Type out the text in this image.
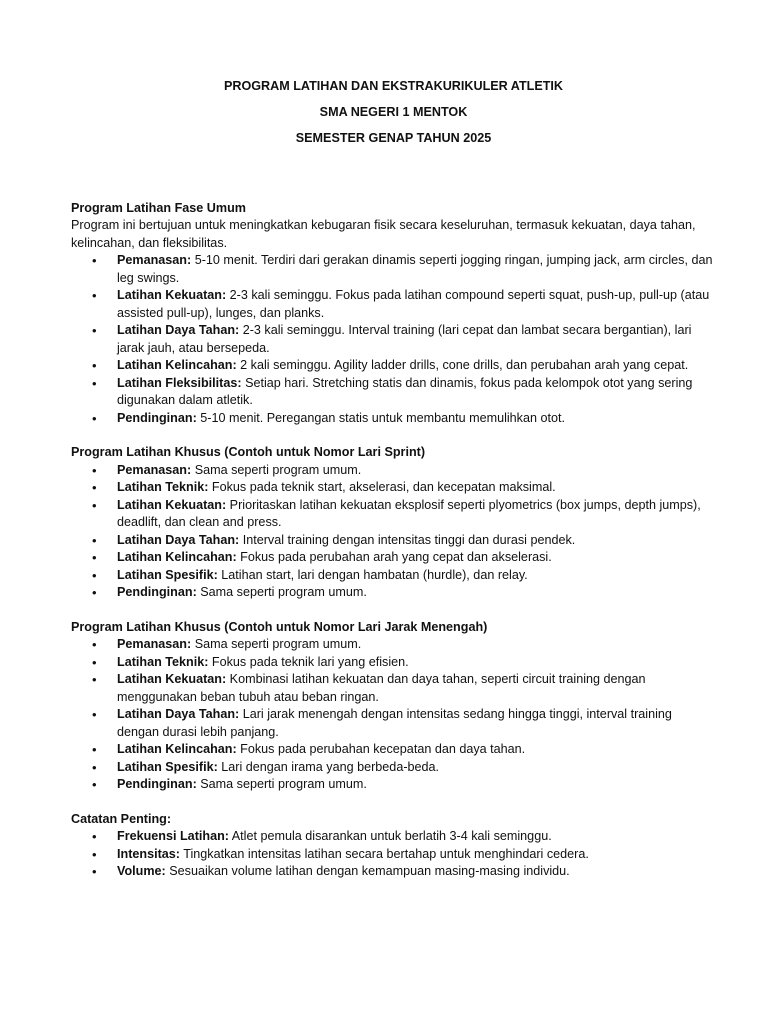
PROGRAM LATIHAN DAN EKSTRAKURIKULER ATLETIK
SMA NEGERI 1 MENTOK
SEMESTER GENAP TAHUN 2025
Program Latihan Fase Umum

Program ini bertujuan untuk meningkatkan kebugaran fisik secara keseluruhan, termasuk kekuatan, daya tahan, kelincahan, dan fleksibilitas.

• Pemanasan: 5-10 menit. Terdiri dari gerakan dinamis seperti jogging ringan, jumping jack, arm circles, dan leg swings.
• Latihan Kekuatan: 2-3 kali seminggu. Fokus pada latihan compound seperti squat, push-up, pull-up (atau assisted pull-up), lunges, dan planks.
• Latihan Daya Tahan: 2-3 kali seminggu. Interval training (lari cepat dan lambat secara bergantian), lari jarak jauh, atau bersepeda.
• Latihan Kelincahan: 2 kali seminggu. Agility ladder drills, cone drills, dan perubahan arah yang cepat.
• Latihan Fleksibilitas: Setiap hari. Stretching statis dan dinamis, fokus pada kelompok otot yang sering digunakan dalam atletik.
• Pendinginan: 5-10 menit. Peregangan statis untuk membantu memulihkan otot.
Program Latihan Khusus (Contoh untuk Nomor Lari Sprint)
• Pemanasan: Sama seperti program umum.
• Latihan Teknik: Fokus pada teknik start, akselerasi, dan kecepatan maksimal.
• Latihan Kekuatan: Prioritaskan latihan kekuatan eksplosif seperti plyometrics (box jumps, depth jumps), deadlift, dan clean and press.
• Latihan Daya Tahan: Interval training dengan intensitas tinggi dan durasi pendek.
• Latihan Kelincahan: Fokus pada perubahan arah yang cepat dan akselerasi.
• Latihan Spesifik: Latihan start, lari dengan hambatan (hurdle), dan relay.
• Pendinginan: Sama seperti program umum.
Program Latihan Khusus (Contoh untuk Nomor Lari Jarak Menengah)
• Pemanasan: Sama seperti program umum.
• Latihan Teknik: Fokus pada teknik lari yang efisien.
• Latihan Kekuatan: Kombinasi latihan kekuatan dan daya tahan, seperti circuit training dengan menggunakan beban tubuh atau beban ringan.
• Latihan Daya Tahan: Lari jarak menengah dengan intensitas sedang hingga tinggi, interval training dengan durasi lebih panjang.
• Latihan Kelincahan: Fokus pada perubahan kecepatan dan daya tahan.
• Latihan Spesifik: Lari dengan irama yang berbeda-beda.
• Pendinginan: Sama seperti program umum.
Catatan Penting:
• Frekuensi Latihan: Atlet pemula disarankan untuk berlatih 3-4 kali seminggu.
• Intensitas: Tingkatkan intensitas latihan secara bertahap untuk menghindari cedera.
• Volume: Sesuaikan volume latihan dengan kemampuan masing-masing individu.
